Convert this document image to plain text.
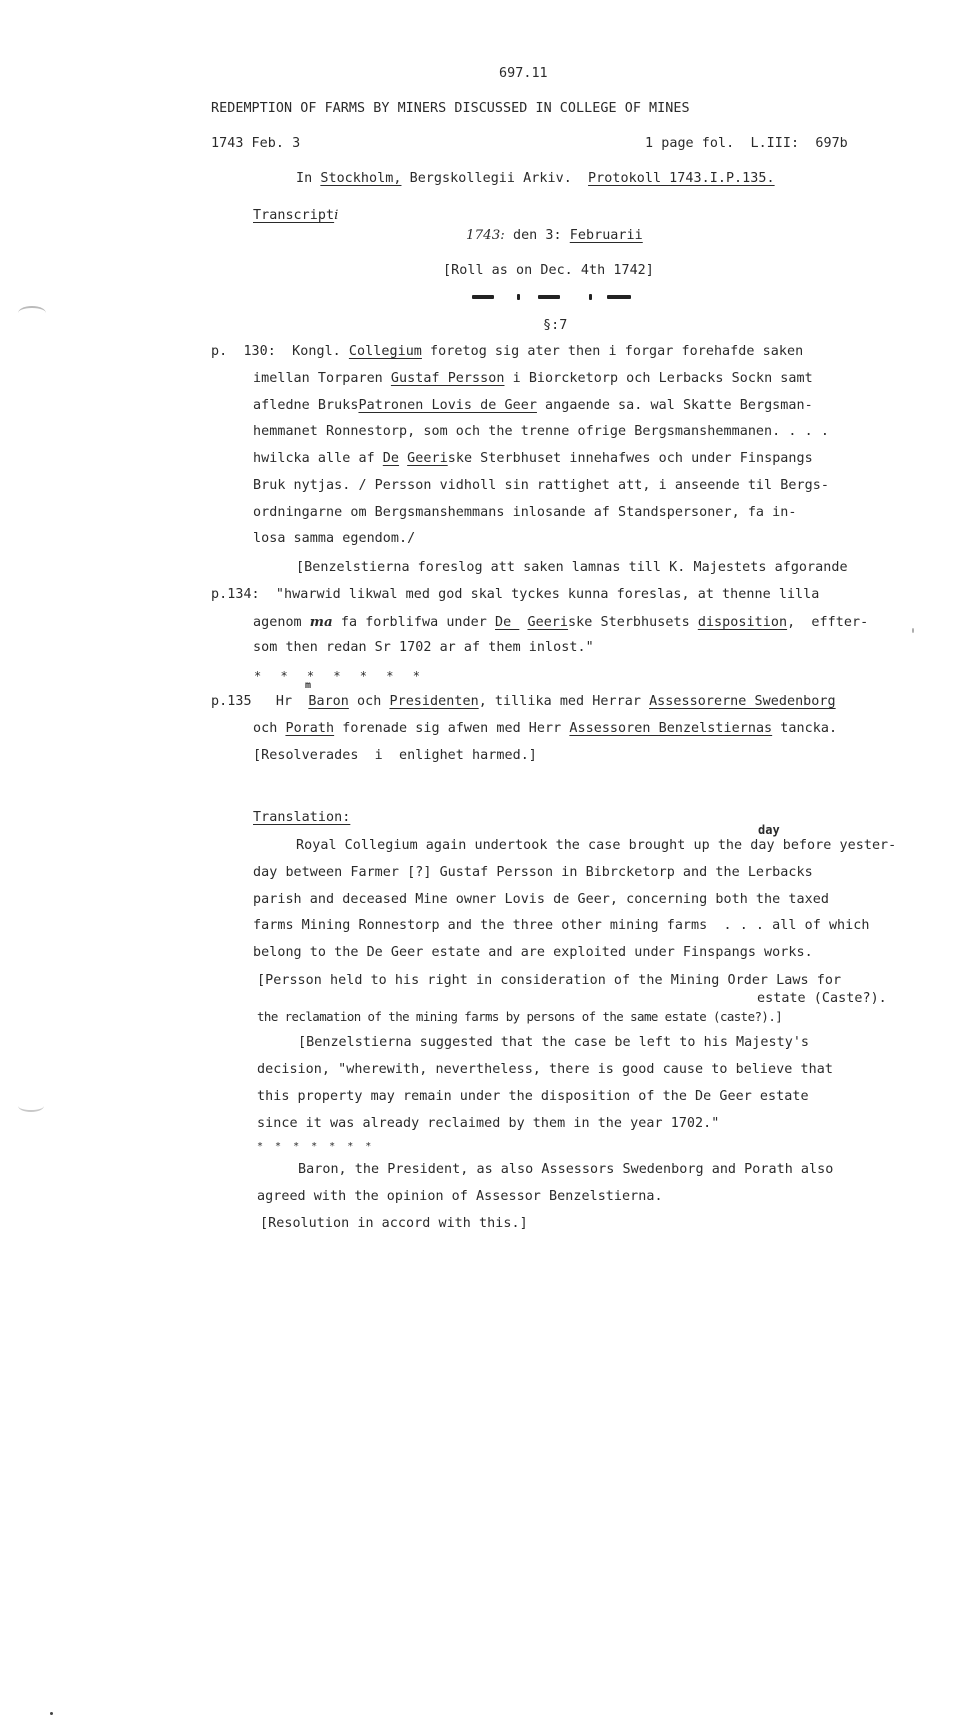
697.11
REDEMPTION OF FARMS BY MINERS DISCUSSED IN COLLEGE OF MINES
1743 Feb. 3	1 page fol.  L.III:  697b
In Stockholm, Bergskollegii Arkiv.  Protokoll 1743.I.P.135.
Transcripti
1743: den 3: Februarii
[Roll as on Dec. 4th 1742]
§:7
p.  130:  Kongl. Collegium foretog sig ater then i forgar forehafde saken
imellan Torparen Gustaf Persson i Biorcketorp och Lerbacks Sockn samt
afledne BruksPatronen Lovis de Geer angaende sa. wal Skatte Bergsman-
hemmanet Ronnestorp, som och the trenne ofrige Bergsmanshemmanen. . . .
hwilcka alle af De Geeriske Sterbhuset innehafwes och under Finspangs
Bruk nytjas. / Persson vidholl sin rattighet att, i anseende til Bergs-
ordningarne om Bergsmanshemmans inlosande af Standspersoner, fa in-
losa samma egendom./
[Benzelstierna foreslog att saken lamnas till K. Majestets afgorande
p.134:  "hwarwid likwal med god skal tyckes kunna foreslas, at thenne lilla
agenom ma fa forblifwa under De  Geeriske Sterbhusets disposition,  effter-
som then redan Sr 1702 ar af them inlost."
* * * * * * *
p.135   Hr  Baron och Presidenten, tillika med Herrar Assessorerne Swedenborg
m
och Porath forenade sig afwen med Herr Assessoren Benzelstiernas tancka.
[Resolverades  i  enlighet harmed.]
Translation:
day
Royal Collegium again undertook the case brought up the day before yester-
day between Farmer [?] Gustaf Persson in Bibrcketorp and the Lerbacks
parish and deceased Mine owner Lovis de Geer, concerning both the taxed
farms Mining Ronnestorp and the three other mining farms  . . . all of which
belong to the De Geer estate and are exploited under Finspangs works.
[Persson held to his right in consideration of the Mining Order Laws for
estate (Caste?).
the reclamation of the mining farms by persons of the same estate (caste?).]
[Benzelstierna suggested that the case be left to his Majesty's
decision, "wherewith, nevertheless, there is good cause to believe that
this property may remain under the disposition of the De Geer estate
since it was already reclaimed by them in the year 1702."
* * * * * * *
Baron, the President, as also Assessors Swedenborg and Porath also
agreed with the opinion of Assessor Benzelstierna.
[Resolution in accord with this.]
